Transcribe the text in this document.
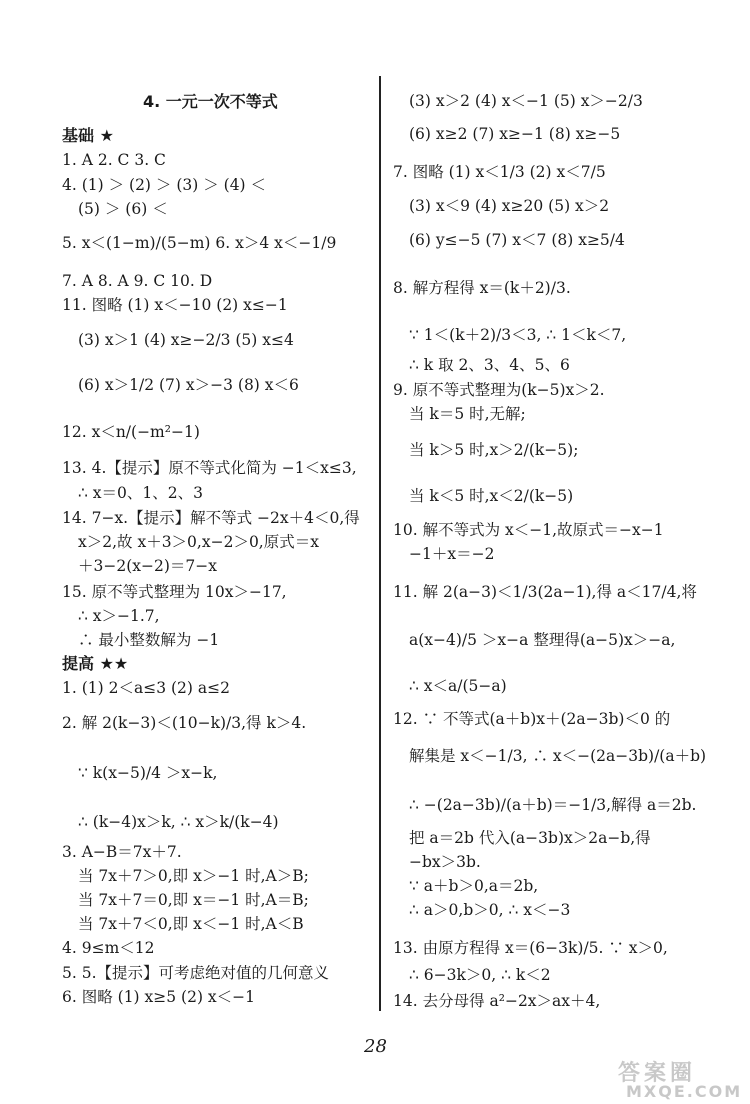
4. 一元一次不等式
基础 ★
1. A 2. C 3. C
4. (1) ＞ (2) ＞ (3) ＞ (4) ＜
(5) ＞ (6) ＜
5. x＜(1−m)/(5−m) 6. x＞4 x＜−1/9
7. A 8. A 9. C 10. D
11. 图略 (1) x＜−10 (2) x≤−1
(3) x＞1 (4) x≥−2/3 (5) x≤4
(6) x＞1/2 (7) x＞−3 (8) x＜6
12. x＜n/(−m²−1)
13. 4.【提示】原不等式化简为 −1＜x≤3,
∴ x＝0、1、2、3
14. 7−x.【提示】解不等式 −2x＋4＜0,得
x＞2,故 x＋3＞0,x−2＞0,原式＝x
＋3−2(x−2)＝7−x
15. 原不等式整理为 10x＞−17,
∴ x＞−1.7,
∴ 最小整数解为 −1
提高 ★★
1. (1) 2＜a≤3 (2) a≤2
2. 解 2(k−3)＜(10−k)/3,得 k＞4.
∵ k(x−5)/4 ＞x−k,
∴ (k−4)x＞k, ∴ x＞k/(k−4)
3. A−B＝7x＋7.
当 7x＋7＞0,即 x＞−1 时,A＞B;
当 7x＋7＝0,即 x＝−1 时,A＝B;
当 7x＋7＜0,即 x＜−1 时,A＜B
4. 9≤m＜12
5. 5.【提示】可考虑绝对值的几何意义
6. 图略 (1) x≥5 (2) x＜−1
(3) x＞2 (4) x＜−1 (5) x＞−2/3
(6) x≥2 (7) x≥−1 (8) x≥−5
7. 图略 (1) x＜1/3 (2) x＜7/5
(3) x＜9 (4) x≥20 (5) x＞2
(6) y≤−5 (7) x＜7 (8) x≥5/4
8. 解方程得 x＝(k＋2)/3.
∵ 1＜(k＋2)/3＜3, ∴ 1＜k＜7,
∴ k 取 2、3、4、5、6
9. 原不等式整理为(k−5)x＞2.
当 k＝5 时,无解;
当 k＞5 时,x＞2/(k−5);
当 k＜5 时,x＜2/(k−5)
10. 解不等式为 x＜−1,故原式＝−x−1
−1＋x＝−2
11. 解 2(a−3)＜1/3(2a−1),得 a＜17/4,将
a(x−4)/5 ＞x−a 整理得(a−5)x＞−a,
∴ x＜a/(5−a)
12. ∵ 不等式(a＋b)x＋(2a−3b)＜0 的
解集是 x＜−1/3, ∴ x＜−(2a−3b)/(a＋b)
∴ −(2a−3b)/(a＋b)＝−1/3,解得 a＝2b.
把 a＝2b 代入(a−3b)x＞2a−b,得
−bx＞3b.
∵ a＋b＞0,a＝2b,
∴ a＞0,b＞0, ∴ x＜−3
13. 由原方程得 x＝(6−3k)/5. ∵ x＞0,
∴ 6−3k＞0, ∴ k＜2
14. 去分母得 a²−2x＞ax＋4,
28
答案圈
MXQE.COM
